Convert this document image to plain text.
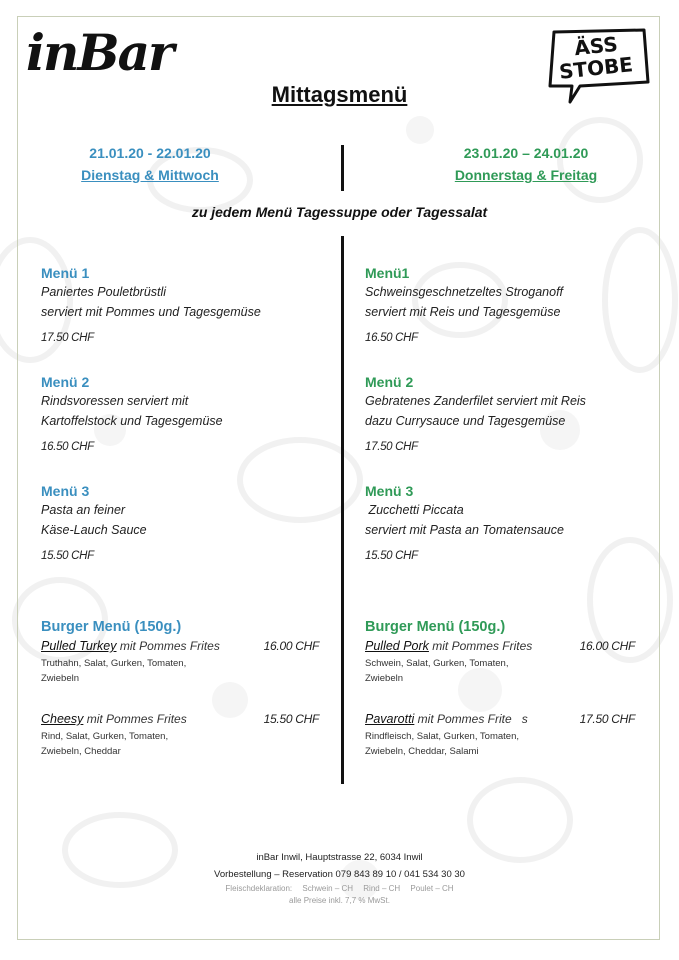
inBar	ÄSS
STOBE
Mittagsmenü
21.01.20 - 22.01.20
Dienstag & Mittwoch
23.01.20 – 24.01.20
Donnerstag & Freitag
zu jedem Menü Tagessuppe oder Tagessalat
Menü 1
Paniertes Pouletbrüstli
serviert mit Pommes und Tagesgemüse
17.50 CHF
Menü 2
Rindsvoressen serviert mit
Kartoffelstock und Tagesgemüse
16.50 CHF
Menü 3
Pasta an feiner
Käse-Lauch Sauce
15.50 CHF
Burger Menü (150g.)
Pulled Turkey mit Pommes Frites	16.00 CHF
Truthahn, Salat, Gurken, Tomaten,
Zwiebeln
Cheesy mit Pommes Frites	15.50 CHF
Rind, Salat, Gurken, Tomaten,
Zwiebeln, Cheddar
Menü1
Schweinsgeschnetzeltes Stroganoff
serviert mit Reis und Tagesgemüse
16.50 CHF
Menü 2
Gebratenes Zanderfilet serviert mit Reis
dazu Currysauce und Tagesgemüse
17.50 CHF
Menü 3
Zucchetti Piccata
serviert mit Pasta an Tomatensauce
15.50 CHF
Burger Menü (150g.)
Pulled Pork mit Pommes Frites	16.00 CHF
Schwein, Salat, Gurken, Tomaten,
Zwiebeln
Pavarotti mit Pommes Frite   s	17.50 CHF
Rindfleisch, Salat, Gurken, Tomaten,
Zwiebeln, Cheddar, Salami
inBar Inwil, Hauptstrasse 22, 6034 Inwil
Vorbestellung – Reservation 079 843 89 10 / 041 534 30 30
Fleischdeklaration: Schwein – CH Rind – CH Poulet – CH
alle Preise inkl. 7,7 % MwSt.
